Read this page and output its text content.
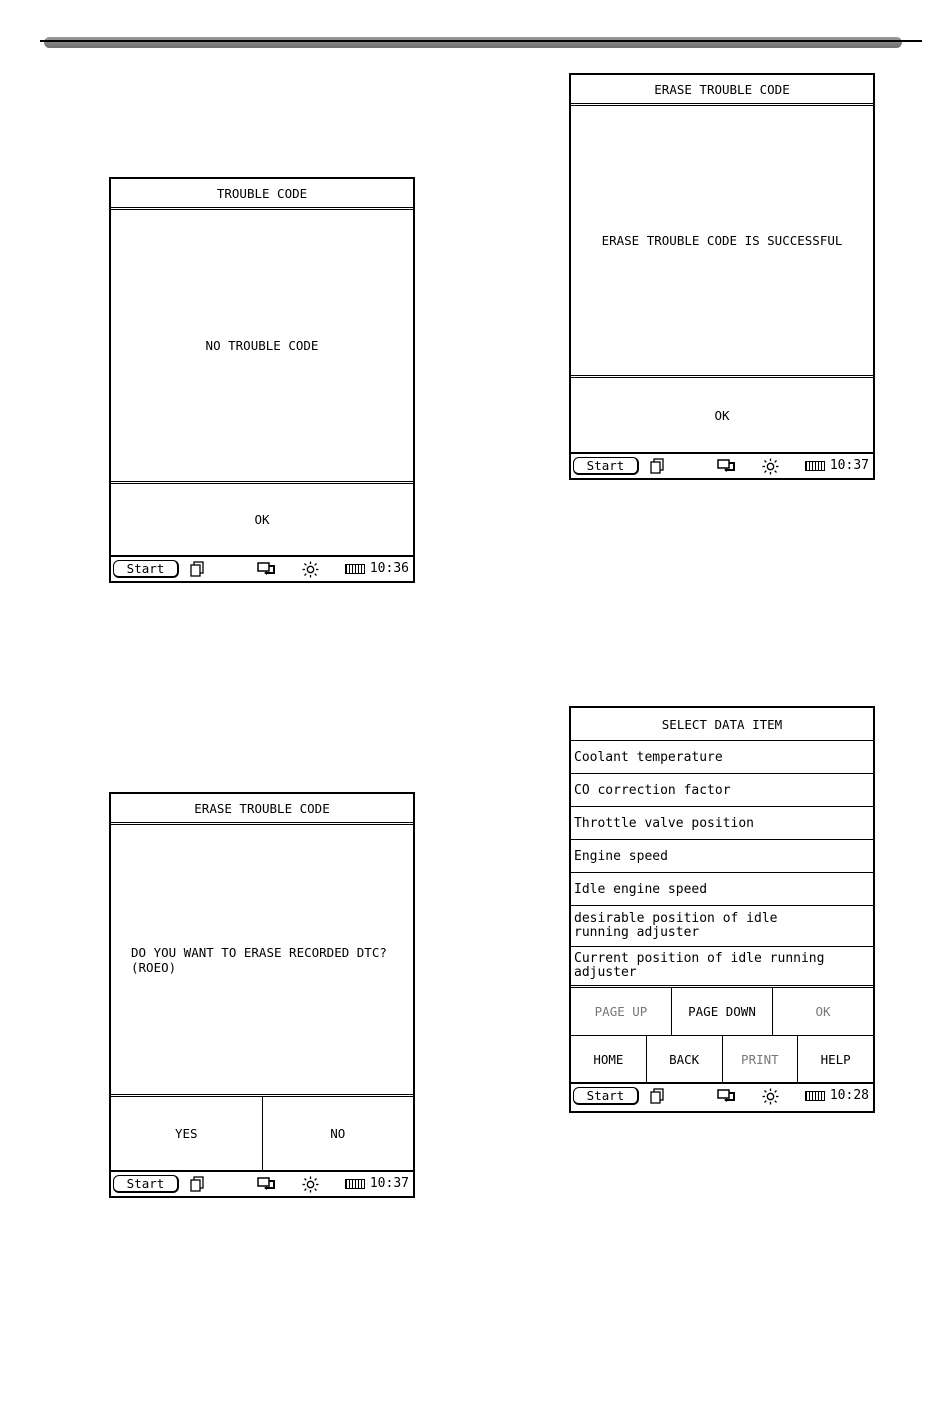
TROUBLE CODE
NO TROUBLE CODE
OK
Start	10:36
ERASE TROUBLE CODE
ERASE TROUBLE CODE IS SUCCESSFUL
OK
Start	10:37
ERASE TROUBLE CODE
DO YOU WANT TO ERASE RECORDED DTC?
(ROEO)
YES	NO
Start	10:37
SELECT DATA ITEM
Coolant temperature
CO correction factor
Throttle valve position
Engine speed
Idle engine speed
desirable position of idle running adjuster
Current position of idle running adjuster
PAGE UP	PAGE DOWN	OK
HOME	BACK	PRINT	HELP
Start	10:28
